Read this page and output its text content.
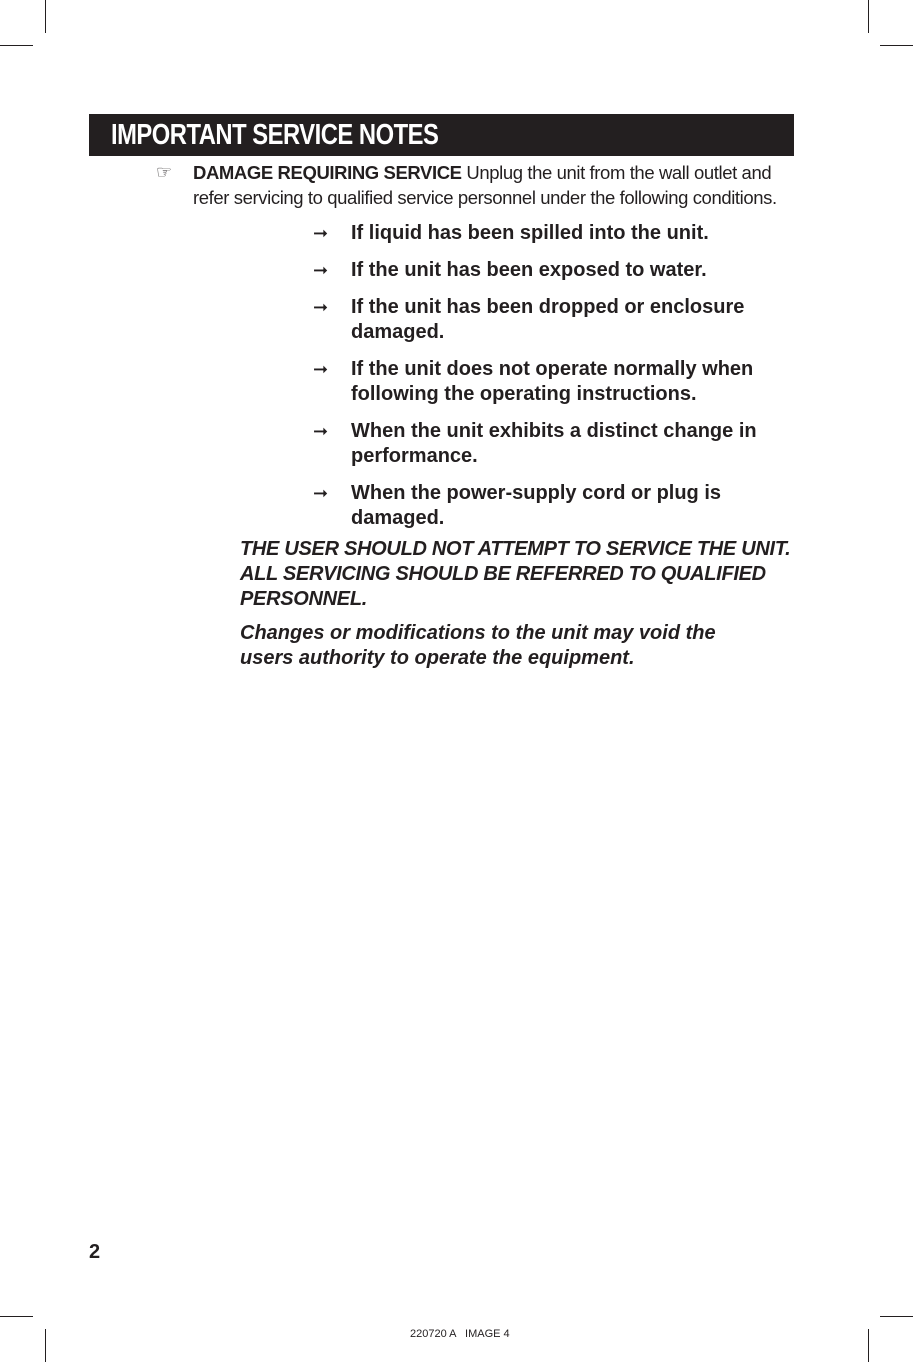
IMPORTANT SERVICE NOTES
☞ DAMAGE REQUIRING SERVICE Unplug the unit from the wall outlet and refer servicing to qualified service personnel under the following conditions.
➞ If liquid has been spilled into the unit.
➞ If the unit has been exposed to water.
➞ If the unit has been dropped or enclosure damaged.
➞ If the unit does not operate normally when following the operating instructions.
➞ When the unit exhibits a distinct change in performance.
➞ When the power-supply cord or plug is damaged.
THE USER SHOULD NOT ATTEMPT TO SERVICE THE UNIT. ALL SERVICING SHOULD BE REFERRED TO QUALIFIED PERSONNEL.
Changes or modifications to the unit may void the users authority to operate the equipment.
2
220720 A   IMAGE 4
